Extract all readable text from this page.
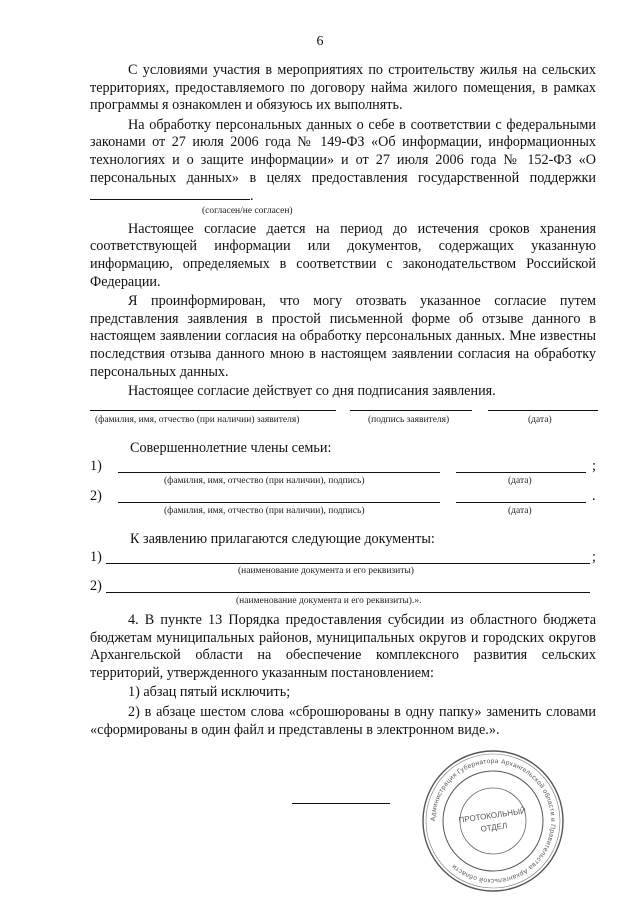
6

С условиями участия в мероприятиях по строительству жилья на сельских территориях, предоставляемого по договору найма жилого помещения, в рамках программы я ознакомлен и обязуюсь их выполнять.

На обработку персональных данных о себе в соответствии с федеральными законами от 27 июля 2006 года № 149-ФЗ «Об информации, информационных технологиях и о защите информации» и от 27 июля 2006 года № 152-ФЗ «О персональных данных» в целях предоставления государственной поддержки .

(согласен/не согласен)

Настоящее согласие дается на период до истечения сроков хранения соответствующей информации или документов, содержащих указанную информацию, определяемых в соответствии с законодательством Российской Федерации.

Я проинформирован, что могу отозвать указанное согласие путем представления заявления в простой письменной форме об отзыве данного в настоящем заявлении согласия на обработку персональных данных. Мне известны последствия отзыва данного мною в настоящем заявлении согласия на обработку персональных данных.

Настоящее согласие действует со дня подписания заявления.

(фамилия, имя, отчество (при наличии) заявителя)	(подпись заявителя)	(дата)
Совершеннолетние члены семьи:
1)	;
(фамилия, имя, отчество (при наличии), подпись)	(дата)
2)	.
(фамилия, имя, отчество (при наличии), подпись)	(дата)
К заявлению прилагаются следующие документы:
1)	;
(наименование документа и его реквизиты)
2)
(наименование документа и его реквизиты).».

4. В пункте 13 Порядка предоставления субсидии из областного бюджета бюджетам муниципальных районов, муниципальных округов и городских округов Архангельской области на обеспечение комплексного развития сельских территорий, утвержденного указанным постановлением:

1) абзац пятый исключить;

2) в абзаце шестом слова «сброшюрованы в одну папку» заменить словами «сформированы в один файл и представлены в электронном виде.».

Администрация Губернатора Архангельской области и Правительства Архангельской области
ПРОТОКОЛЬНЫЙ
ОТДЕЛ
